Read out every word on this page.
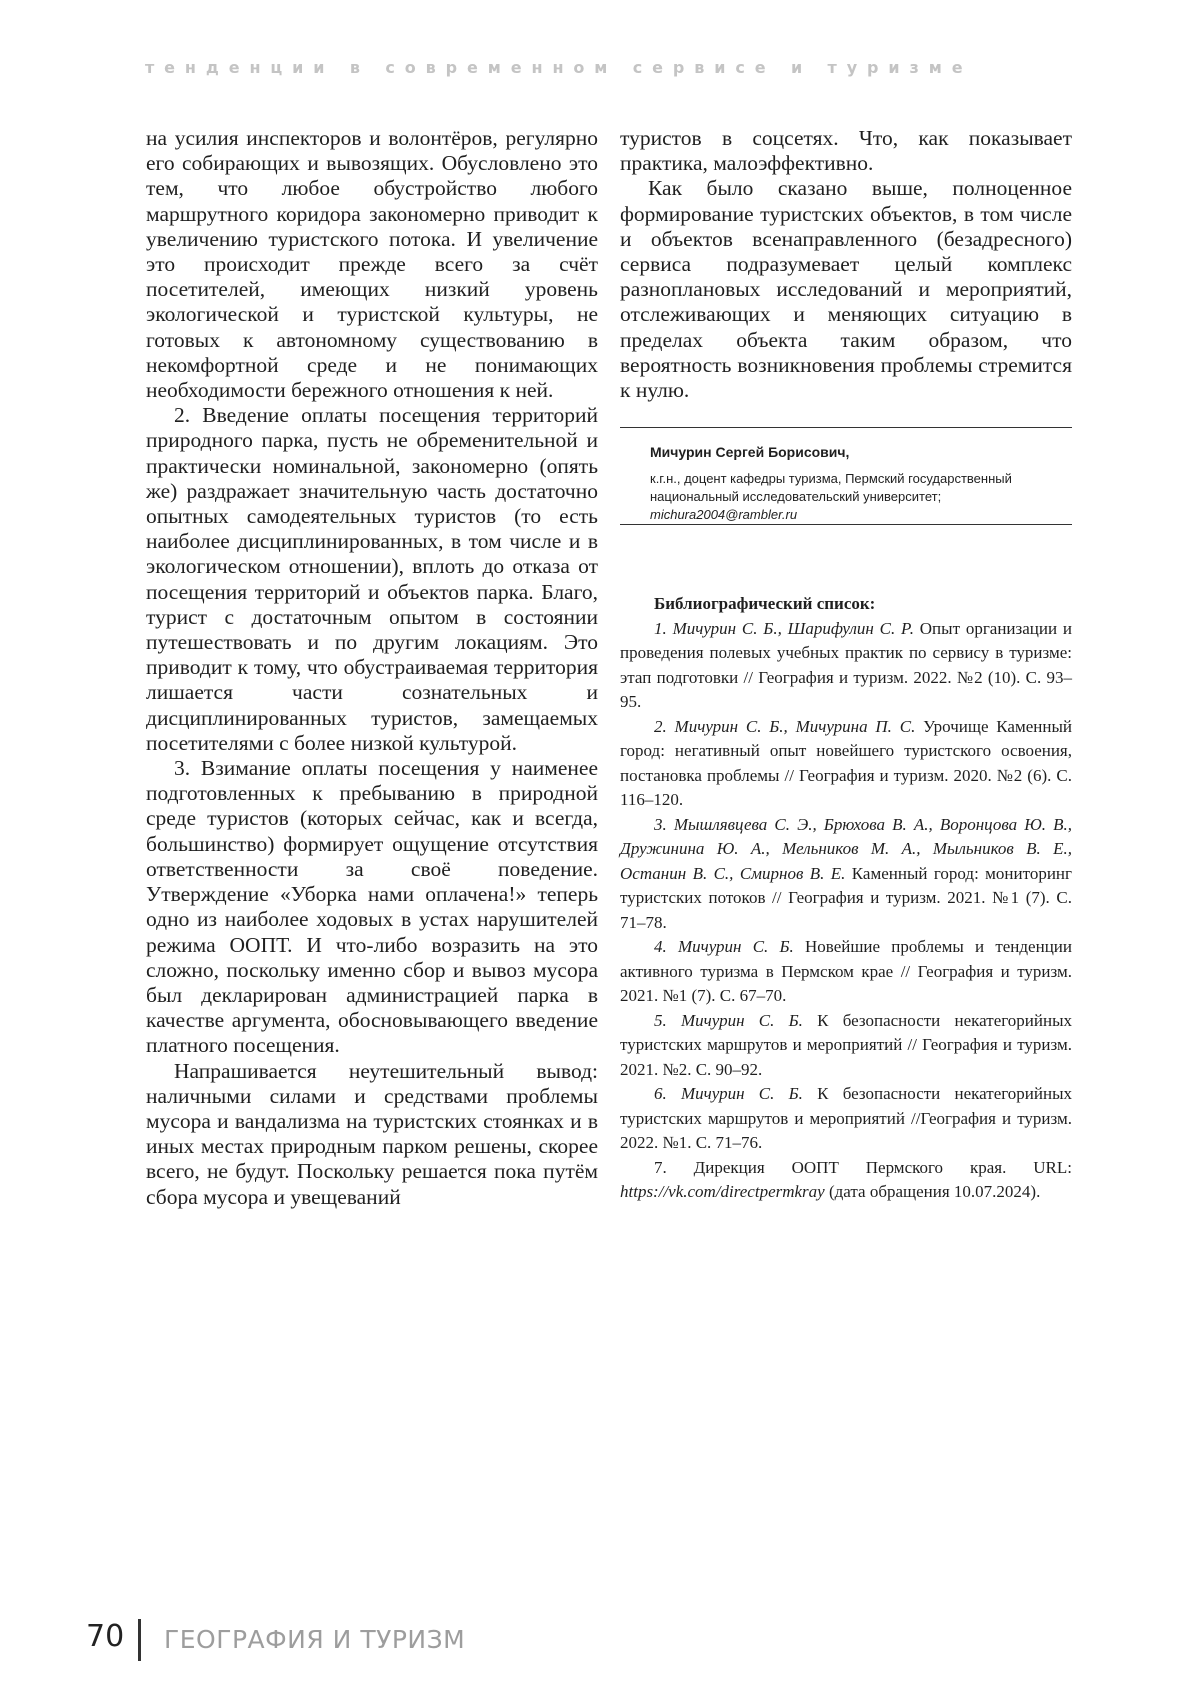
тенденции в современном сервисе и туризме

на усилия инспекторов и волонтёров, регулярно его собирающих и вывозящих. Обусловлено это тем, что любое обустройство любого маршрутного коридора закономерно приводит к увеличению туристского потока. И увеличение это происходит прежде всего за счёт посетителей, имеющих низкий уровень экологической и туристской культуры, не готовых к автономному существованию в некомфортной среде и не понимающих необходимости бережного отношения к ней.

2. Введение оплаты посещения территорий природного парка, пусть не обременительной и практически номинальной, закономерно (опять же) раздражает значительную часть достаточно опытных самодеятельных туристов (то есть наиболее дисциплинированных, в том числе и в экологическом отношении), вплоть до отказа от посещения территорий и объектов парка. Благо, турист с достаточным опытом в состоянии путешествовать и по другим локациям. Это приводит к тому, что обустраиваемая территория лишается части сознательных и дисциплинированных туристов, замещаемых посетителями с более низкой культурой.

3. Взимание оплаты посещения у наименее подготовленных к пребыванию в природной среде туристов (которых сейчас, как и всегда, большинство) формирует ощущение отсутствия ответственности за своё поведение. Утверждение «Уборка нами оплачена!» теперь одно из наиболее ходовых в устах нарушителей режима ООПТ. И что-либо возразить на это сложно, поскольку именно сбор и вывоз мусора был декларирован администрацией парка в качестве аргумента, обосновывающего введение платного посещения.

Напрашивается неутешительный вывод: наличными силами и средствами проблемы мусора и вандализма на туристских стоянках и в иных местах природным парком решены, скорее всего, не будут. Поскольку решается пока путём сбора мусора и увещеваний

туристов в соцсетях. Что, как показывает практика, малоэффективно.

Как было сказано выше, полноценное формирование туристских объектов, в том числе и объектов всенаправленного (безадресного) сервиса подразумевает целый комплекс разноплановых исследований и мероприятий, отслеживающих и меняющих ситуацию в пределах объекта таким образом, что вероятность возникновения проблемы стремится к нулю.

Мичурин Сергей Борисович,

к.г.н., доцент кафедры туризма, Пермский государственный национальный исследовательский университет;

michura2004@rambler.ru

Библиографический список:

1. Мичурин С. Б., Шарифулин С. Р. Опыт организации и проведения полевых учебных практик по сервису в туризме: этап подготовки // География и туризм. 2022. №2 (10). С. 93–95.

2. Мичурин С. Б., Мичурина П. С. Урочище Каменный город: негативный опыт новейшего туристского освоения, постановка проблемы // География и туризм. 2020. №2 (6). С. 116–120.

3. Мышлявцева С. Э., Брюхова В. А., Воронцова Ю. В., Дружинина Ю. А., Мельников М. А., Мыльников В. Е., Останин В. С., Смирнов В. Е. Каменный город: мониторинг туристских потоков // География и туризм. 2021. №1 (7). С. 71–78.

4. Мичурин С. Б. Новейшие проблемы и тенденции активного туризма в Пермском крае // География и туризм. 2021. №1 (7). С. 67–70.

5. Мичурин С. Б. К безопасности некатегорийных туристских маршрутов и мероприятий // География и туризм. 2021. №2. С. 90–92.

6. Мичурин С. Б. К безопасности некатегорийных туристских маршрутов и мероприятий //География и туризм. 2022. №1. С. 71–76.

7. Дирекция ООПТ Пермского края. URL: https://vk.com/directpermkray (дата обращения 10.07.2024).

70 ГЕОГРАФИЯ И ТУРИЗМ
